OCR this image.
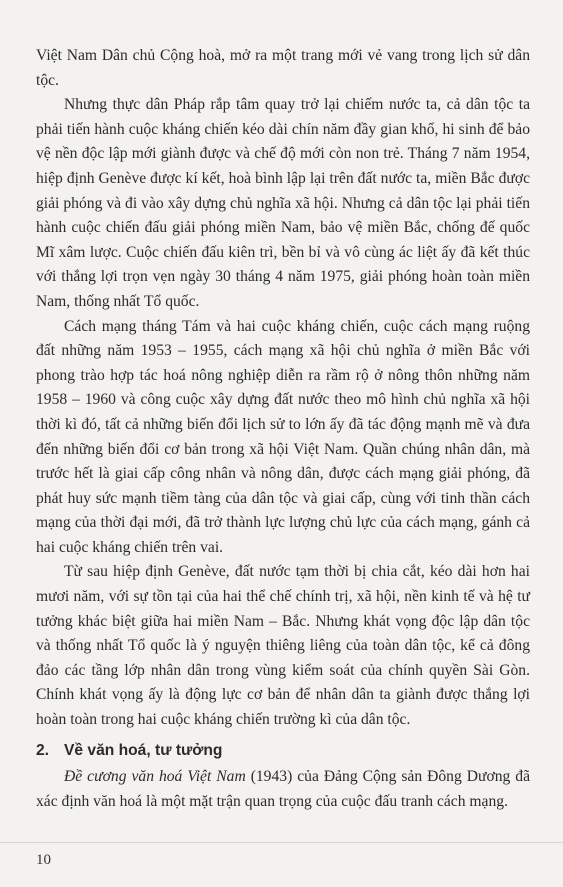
Việt Nam Dân chủ Cộng hoà, mở ra một trang mới vẻ vang trong lịch sử dân tộc.

Nhưng thực dân Pháp rắp tâm quay trở lại chiếm nước ta, cả dân tộc ta phải tiến hành cuộc kháng chiến kéo dài chín năm đầy gian khổ, hi sinh để bảo vệ nền độc lập mới giành được và chế độ mới còn non trẻ. Tháng 7 năm 1954, hiệp định Genève được kí kết, hoà bình lập lại trên đất nước ta, miền Bắc được giải phóng và đi vào xây dựng chủ nghĩa xã hội. Nhưng cả dân tộc lại phải tiến hành cuộc chiến đấu giải phóng miền Nam, bảo vệ miền Bắc, chống đế quốc Mĩ xâm lược. Cuộc chiến đấu kiên trì, bền bỉ và vô cùng ác liệt ấy đã kết thúc với thắng lợi trọn vẹn ngày 30 tháng 4 năm 1975, giải phóng hoàn toàn miền Nam, thống nhất Tổ quốc.

Cách mạng tháng Tám và hai cuộc kháng chiến, cuộc cách mạng ruộng đất những năm 1953 – 1955, cách mạng xã hội chủ nghĩa ở miền Bắc với phong trào hợp tác hoá nông nghiệp diễn ra rầm rộ ở nông thôn những năm 1958 – 1960 và công cuộc xây dựng đất nước theo mô hình chủ nghĩa xã hội thời kì đó, tất cả những biến đổi lịch sử to lớn ấy đã tác động mạnh mẽ và đưa đến những biến đổi cơ bản trong xã hội Việt Nam. Quần chúng nhân dân, mà trước hết là giai cấp công nhân và nông dân, được cách mạng giải phóng, đã phát huy sức mạnh tiềm tàng của dân tộc và giai cấp, cùng với tinh thần cách mạng của thời đại mới, đã trở thành lực lượng chủ lực của cách mạng, gánh cả hai cuộc kháng chiến trên vai.

Từ sau hiệp định Genève, đất nước tạm thời bị chia cắt, kéo dài hơn hai mươi năm, với sự tồn tại của hai thể chế chính trị, xã hội, nền kinh tế và hệ tư tưởng khác biệt giữa hai miền Nam – Bắc. Nhưng khát vọng độc lập dân tộc và thống nhất Tổ quốc là ý nguyện thiêng liêng của toàn dân tộc, kể cả đông đảo các tầng lớp nhân dân trong vùng kiểm soát của chính quyền Sài Gòn. Chính khát vọng ấy là động lực cơ bản để nhân dân ta giành được thắng lợi hoàn toàn trong hai cuộc kháng chiến trường kì của dân tộc.

2. Về văn hoá, tư tưởng

Đề cương văn hoá Việt Nam (1943) của Đảng Cộng sản Đông Dương đã xác định văn hoá là một mặt trận quan trọng của cuộc đấu tranh cách mạng.

10
